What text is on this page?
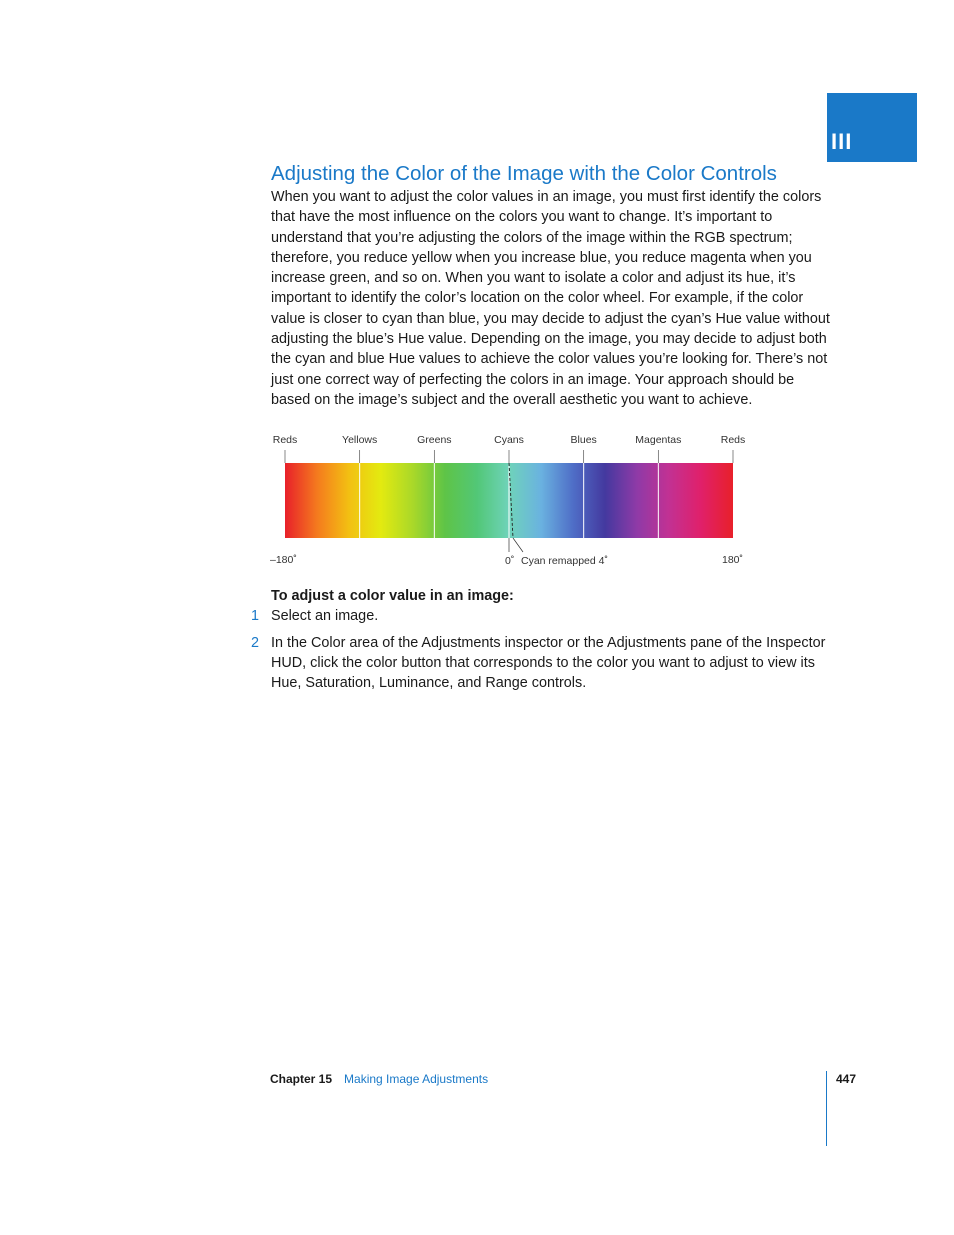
III
Adjusting the Color of the Image with the Color Controls

When you want to adjust the color values in an image, you must first identify the colors that have the most influence on the colors you want to change. It’s important to understand that you’re adjusting the colors of the image within the RGB spectrum; therefore, you reduce yellow when you increase blue, you reduce magenta when you increase green, and so on. When you want to isolate a color and adjust its hue, it’s important to identify the color’s location on the color wheel. For example, if the color value is closer to cyan than blue, you may decide to adjust the cyan’s Hue value without adjusting the blue’s Hue value. Depending on the image, you may decide to adjust both the cyan and blue Hue values to achieve the color values you’re looking for. There’s not just one correct way of perfecting the colors in an image. Your approach should be based on the image’s subject and the overall aesthetic you want to achieve.

Reds	Yellows	Greens	Cyans	Blues	Magentas	Reds
–180˚	0˚ Cyan remapped 4˚	180˚

To adjust a color value in an image:

1 Select an image.
2 In the Color area of the Adjustments inspector or the Adjustments pane of the Inspector HUD, click the color button that corresponds to the color you want to adjust to view its Hue, Saturation, Luminance, and Range controls.
Chapter 15 Making Image Adjustments	447
